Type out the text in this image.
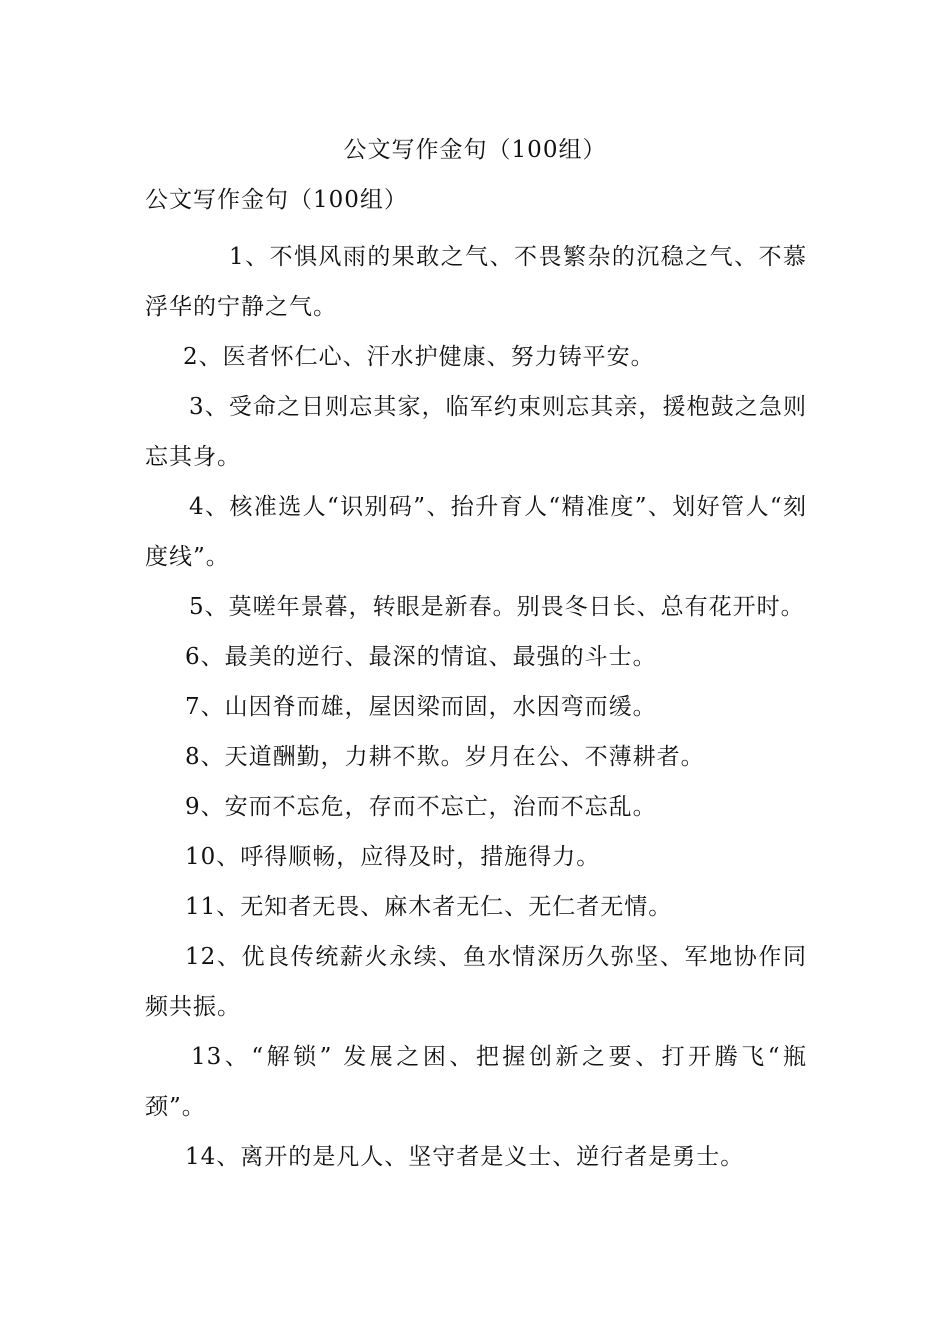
公文写作金句（100组）
公文写作金句（100组）

1、不惧风雨的果敢之气、不畏繁杂的沉稳之气、不慕浮华的宁静之气。

2、医者怀仁心、汗水护健康、努力铸平安。

3、受命之日则忘其家，临军约束则忘其亲，援枹鼓之急则忘其身。

4、核准选人“识别码”、抬升育人“精准度”、划好管人“刻度线”。

5、莫嗟年景暮，转眼是新春。别畏冬日长、总有花开时。

6、最美的逆行、最深的情谊、最强的斗士。

7、山因脊而雄，屋因梁而固，水因弯而缓。

8、天道酬勤，力耕不欺。岁月在公、不薄耕者。

9、安而不忘危，存而不忘亡，治而不忘乱。

10、呼得顺畅，应得及时，措施得力。

11、无知者无畏、麻木者无仁、无仁者无情。

12、优良传统薪火永续、鱼水情深历久弥坚、军地协作同频共振。

13、“解锁” 发展之困、把握创新之要、打开腾飞“瓶颈”。

14、离开的是凡人、坚守者是义士、逆行者是勇士。
